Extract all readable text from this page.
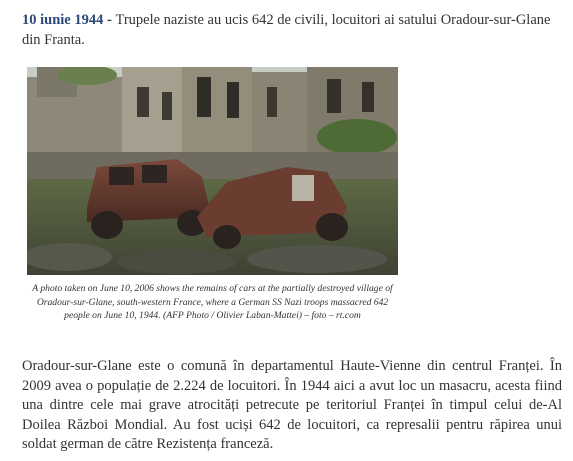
10 iunie 1944 - Trupele naziste au ucis 642 de civili, locuitori ai satului Oradour-sur-Glane din Franta.
A photo taken on June 10, 2006 shows the remains of cars at the partially destroyed village of Oradour-sur-Glane, south-western France, where a German SS Nazi troops massacred 642 people on June 10, 1944. (AFP Photo / Olivier Laban-Mattei) – foto – rt.com
Oradour-sur-Glane este o comună în departamentul Haute-Vienne din centrul Franței. În 2009 avea o populație de 2.224 de locuitori. În 1944 aici a avut loc un masacru, acesta fiind una dintre cele mai grave atrocități petrecute pe teritoriul Franței în timpul celui de-Al Doilea Război Mondial. Au fost uciși 642 de locuitori, ca represalii pentru răpirea unui soldat german de către Rezistența franceză.
